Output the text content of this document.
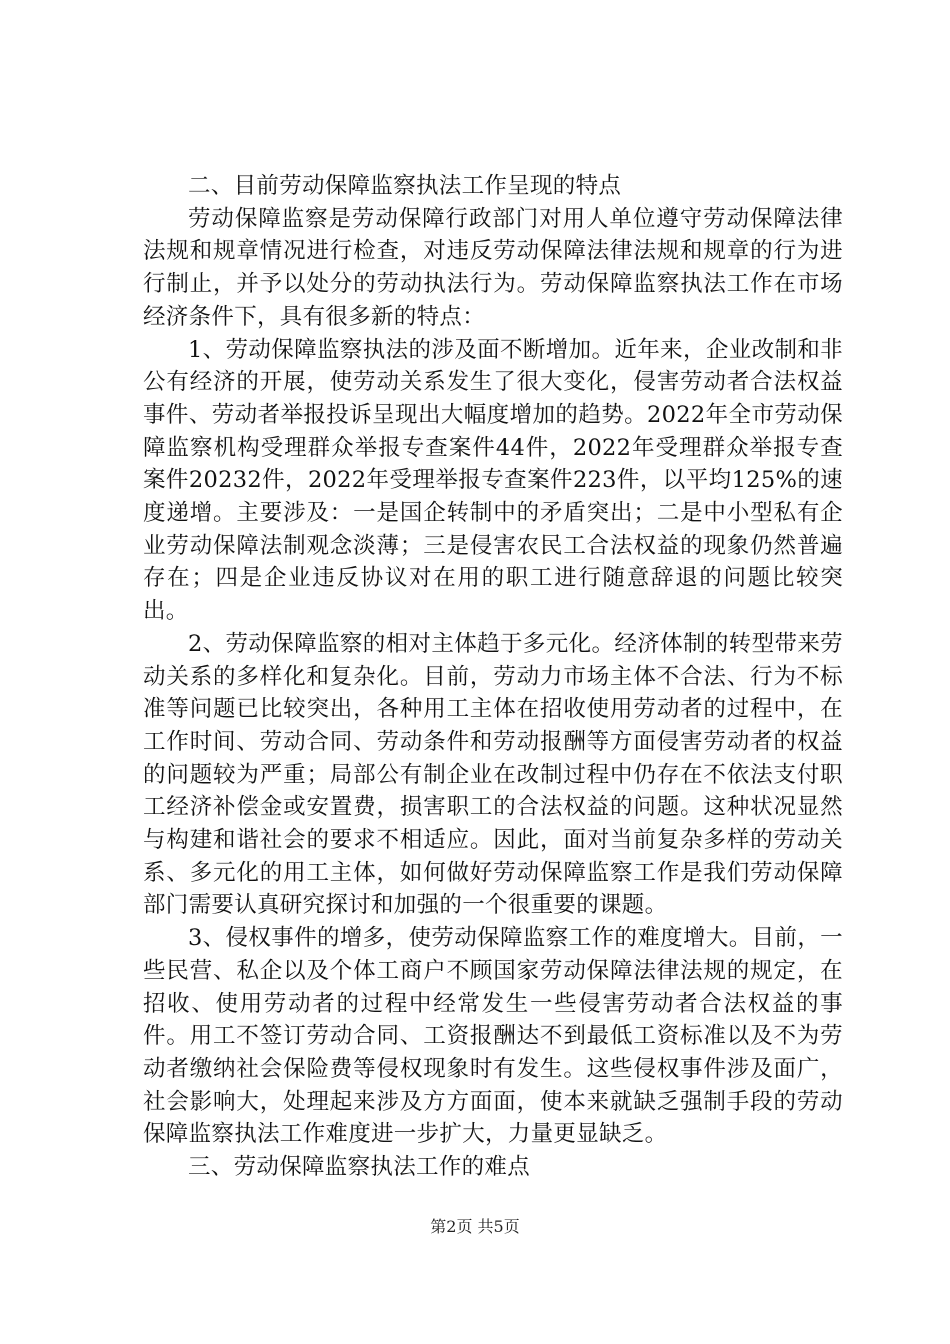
二、目前劳动保障监察执法工作呈现的特点

劳动保障监察是劳动保障行政部门对用人单位遵守劳动保障法律法规和规章情况进行检查，对违反劳动保障法律法规和规章的行为进行制止，并予以处分的劳动执法行为。劳动保障监察执法工作在市场经济条件下，具有很多新的特点：

1、劳动保障监察执法的涉及面不断增加。近年来，企业改制和非公有经济的开展，使劳动关系发生了很大变化，侵害劳动者合法权益事件、劳动者举报投诉呈现出大幅度增加的趋势。2022年全市劳动保障监察机构受理群众举报专查案件44件，2022年受理群众举报专查案件20232件，2022年受理举报专查案件223件，以平均125%的速度递增。主要涉及：一是国企转制中的矛盾突出；二是中小型私有企业劳动保障法制观念淡薄；三是侵害农民工合法权益的现象仍然普遍存在；四是企业违反协议对在用的职工进行随意辞退的问题比较突出。

2、劳动保障监察的相对主体趋于多元化。经济体制的转型带来劳动关系的多样化和复杂化。目前，劳动力市场主体不合法、行为不标准等问题已比较突出，各种用工主体在招收使用劳动者的过程中，在工作时间、劳动合同、劳动条件和劳动报酬等方面侵害劳动者的权益的问题较为严重；局部公有制企业在改制过程中仍存在不依法支付职工经济补偿金或安置费，损害职工的合法权益的问题。这种状况显然与构建和谐社会的要求不相适应。因此，面对当前复杂多样的劳动关系、多元化的用工主体，如何做好劳动保障监察工作是我们劳动保障部门需要认真研究探讨和加强的一个很重要的课题。

3、侵权事件的增多，使劳动保障监察工作的难度增大。目前，一些民营、私企以及个体工商户不顾国家劳动保障法律法规的规定，在招收、使用劳动者的过程中经常发生一些侵害劳动者合法权益的事件。用工不签订劳动合同、工资报酬达不到最低工资标准以及不为劳动者缴纳社会保险费等侵权现象时有发生。这些侵权事件涉及面广，社会影响大，处理起来涉及方方面面，使本来就缺乏强制手段的劳动保障监察执法工作难度进一步扩大，力量更显缺乏。

三、劳动保障监察执法工作的难点

第2页 共5页
